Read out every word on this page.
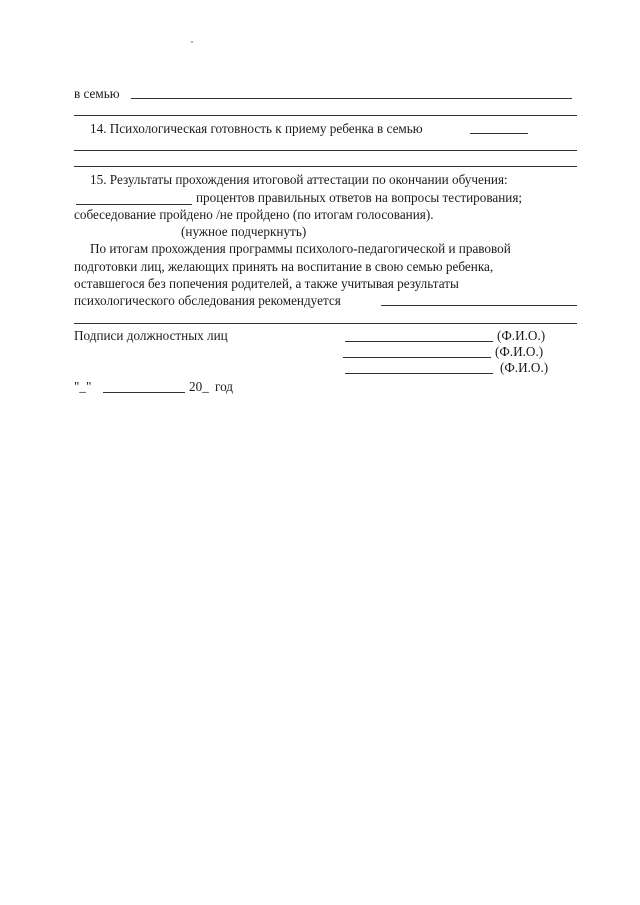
в семью
14. Психологическая готовность к приему ребенка в семью
15. Результаты прохождения итоговой аттестации по окончании обучения:
процентов правильных ответов на вопросы тестирования;
собеседование пройдено /не пройдено (по итогам голосования).
(нужное подчеркнуть)
По итогам прохождения программы психолого-педагогической и правовой
подготовки лиц, желающих принять на воспитание в свою семью ребенка,
оставшегося без попечения родителей, а также учитывая результаты
психологического обследования рекомендуется
Подписи должностных лиц	(Ф.И.О.)
(Ф.И.О.)
(Ф.И.О.)
"_"	20_ год
